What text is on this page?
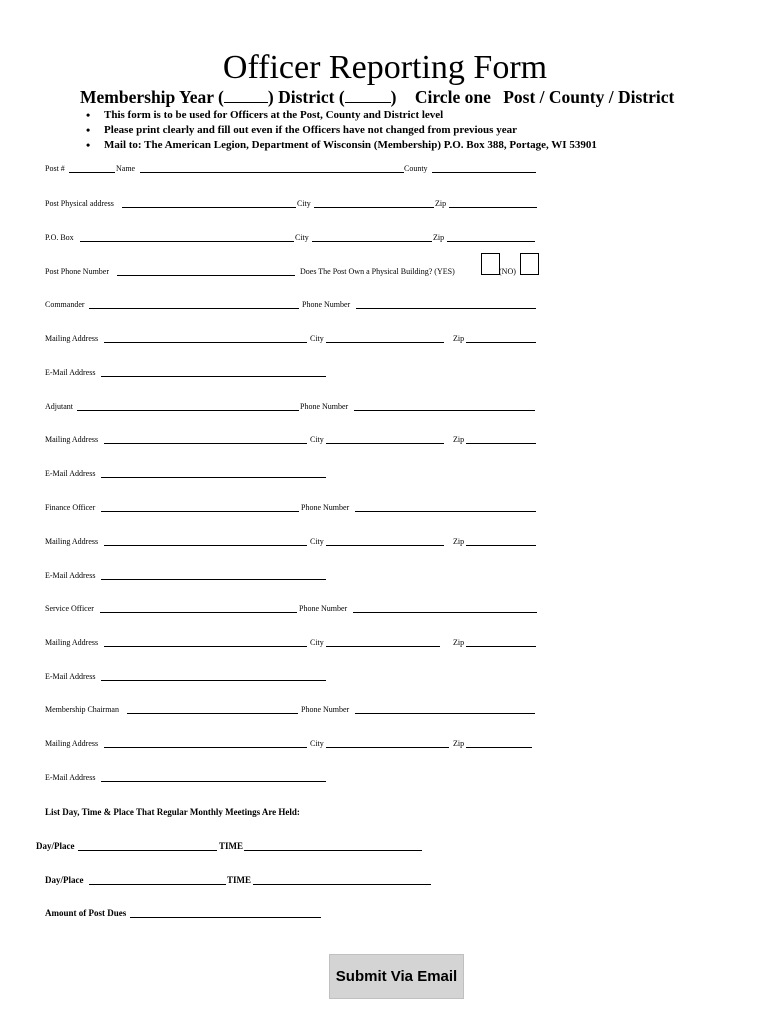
Officer Reporting Form
Membership Year (	) District (	) Circle one Post / County / District
• This form is to be used for Officers at the Post, County and District level
• Please print clearly and fill out even if the Officers have not changed from previous year
• Mail to: The American Legion, Department of Wisconsin (Membership) P.O. Box 388, Portage, WI 53901
Post #	Name	County
Post Physical address	City	Zip
P.O. Box	City	Zip
Post Phone Number	Does The Post Own a Physical Building? (YES)	(NO)
Commander	Phone Number
Mailing Address	City	Zip
E-Mail Address
Adjutant	Phone Number
Mailing Address	City	Zip
E-Mail Address
Finance Officer	Phone Number
Mailing Address	City	Zip
E-Mail Address
Service Officer	Phone Number
Mailing Address	City	Zip
E-Mail Address
Membership Chairman	Phone Number
Mailing Address	City	Zip
E-Mail Address
List Day, Time & Place That Regular Monthly Meetings Are Held:
Day/Place	TIME
Day/Place	TIME
Amount of Post Dues
Submit Via Email
